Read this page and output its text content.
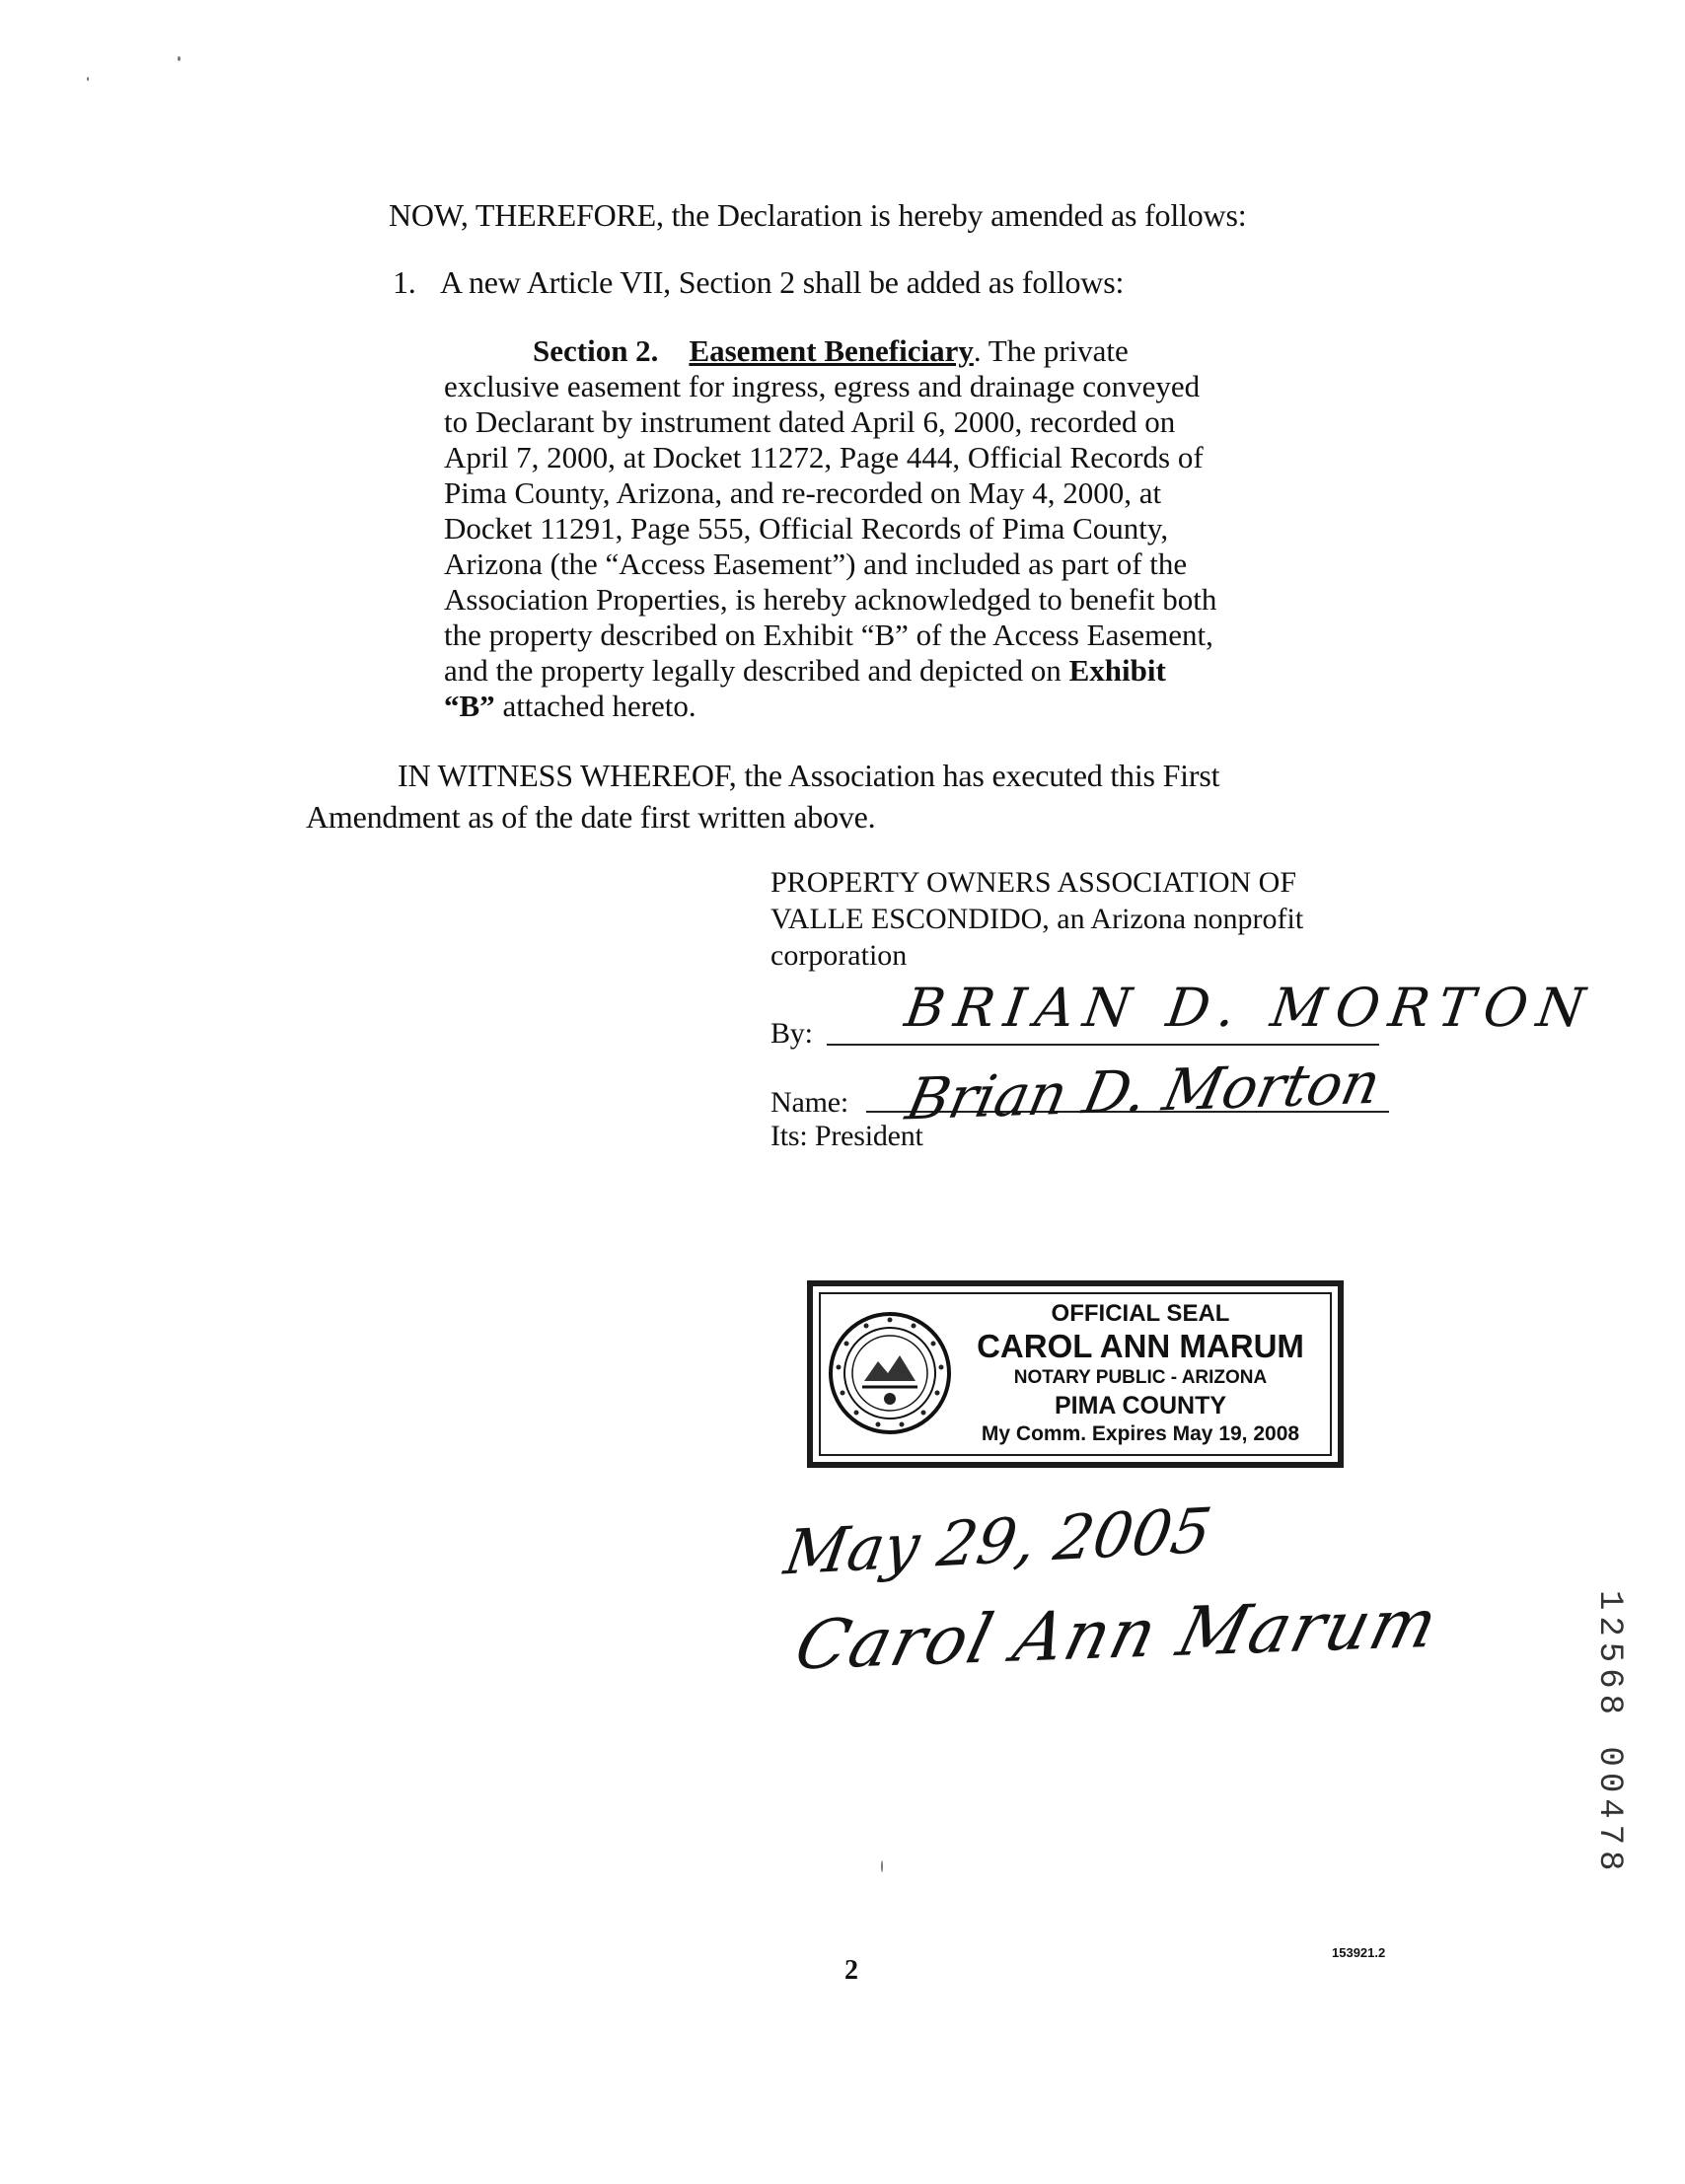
NOW, THEREFORE, the Declaration is hereby amended as follows:
1. A new Article VII, Section 2 shall be added as follows:
Section 2. Easement Beneficiary. The private
exclusive easement for ingress, egress and drainage conveyed
to Declarant by instrument dated April 6, 2000, recorded on
April 7, 2000, at Docket 11272, Page 444, Official Records of
Pima County, Arizona, and re-recorded on May 4, 2000, at
Docket 11291, Page 555, Official Records of Pima County,
Arizona (the “Access Easement”) and included as part of the
Association Properties, is hereby acknowledged to benefit both
the property described on Exhibit “B” of the Access Easement,
and the property legally described and depicted on Exhibit
“B” attached hereto.
IN WITNESS WHEREOF, the Association has executed this First
Amendment as of the date first written above.
PROPERTY OWNERS ASSOCIATION OF
VALLE ESCONDIDO, an Arizona nonprofit
corporation
By: BRIAN D. MORTON
Name: Brian D. Morton
Its: President
OFFICIAL SEAL
CAROL ANN MARUM
NOTARY PUBLIC - ARIZONA
PIMA COUNTY
My Comm. Expires May 19, 2008
May 29, 2005
Carol Ann Marum	12568 00478
2
153921.2
